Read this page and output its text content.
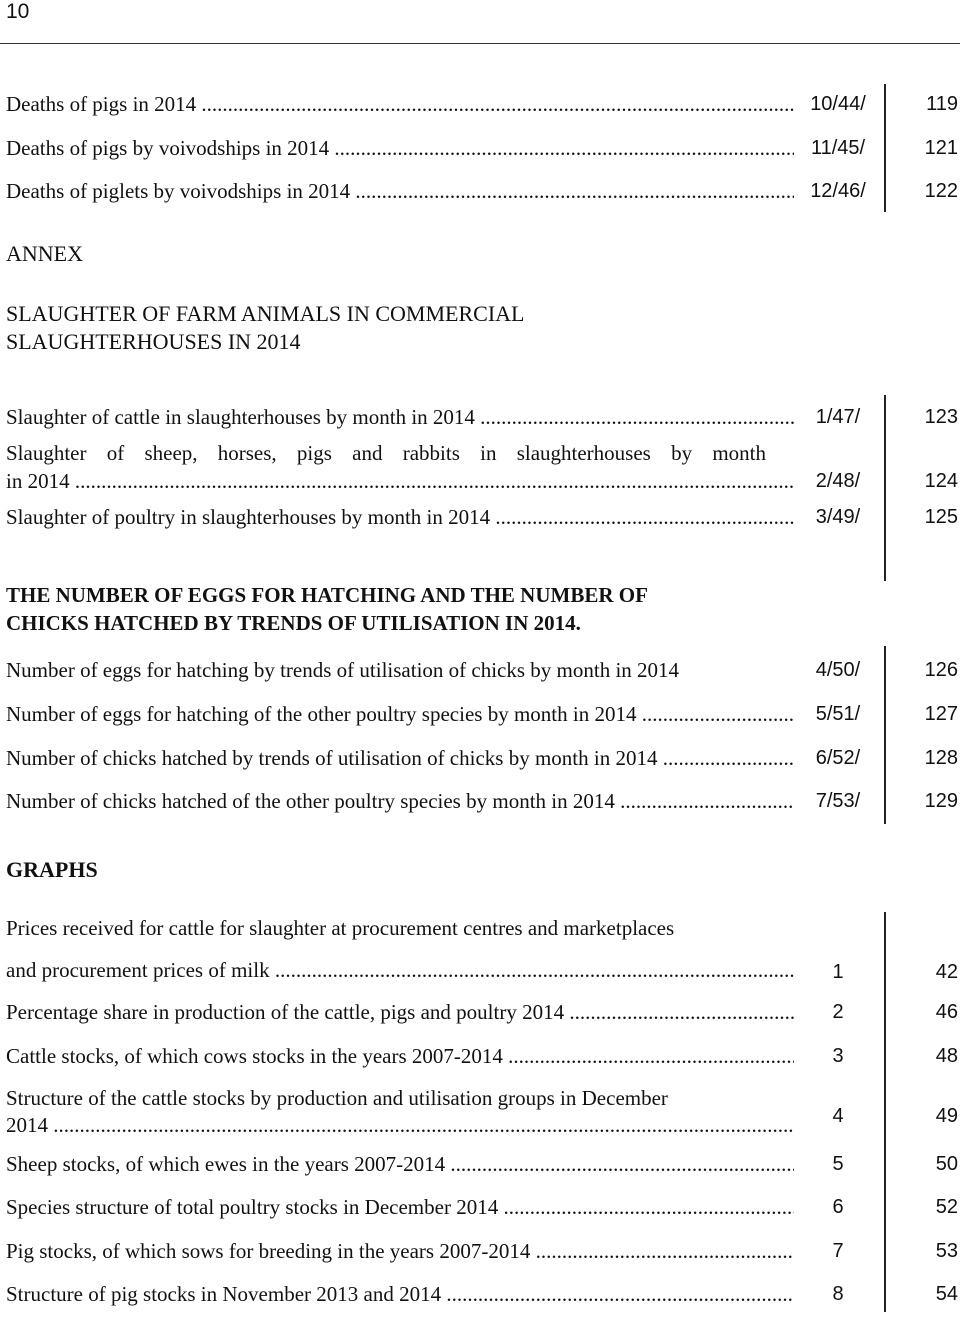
10
Deaths of pigs in 2014 .....	10/44/	119
Deaths of pigs by voivodships in 2014 .....	11/45/	121
Deaths of piglets by voivodships in 2014 .....	12/46/	122
ANNEX
SLAUGHTER OF FARM ANIMALS IN COMMERCIAL
SLAUGHTERHOUSES IN 2014
Slaughter of cattle in slaughterhouses by month in 2014 .....	1/47/	123
Slaughter of sheep, horses, pigs and rabbits in slaughterhouses by month
in 2014 .....	2/48/	124
Slaughter of poultry in slaughterhouses by month in 2014 .....	3/49/	125
THE NUMBER OF EGGS FOR HATCHING AND THE NUMBER OF
CHICKS HATCHED BY TRENDS OF UTILISATION IN 2014.
Number of eggs for hatching by trends of utilisation of chicks by month in 2014	4/50/	126
Number of eggs for hatching of the other poultry species by month in 2014 .....	5/51/	127
Number of chicks hatched by trends of utilisation of chicks by month in 2014 .....	6/52/	128
Number of chicks hatched of the other poultry species by month in 2014 .....	7/53/	129
GRAPHS
Prices received for cattle for slaughter at procurement centres and marketplaces
and procurement prices of milk .....	1	42
Percentage share in production of the cattle, pigs and poultry 2014 .....	2	46
Cattle stocks, of which cows stocks in the years 2007-2014 .....	3	48
Structure of the cattle stocks by production and utilisation groups in December
2014 .....	4	49
Sheep stocks, of which ewes in the years 2007-2014 .....	5	50
Species structure of total poultry stocks in December 2014 .....	6	52
Pig stocks, of which sows for breeding in the years 2007-2014 .....	7	53
Structure of pig stocks in November 2013 and 2014 .....	8	54
